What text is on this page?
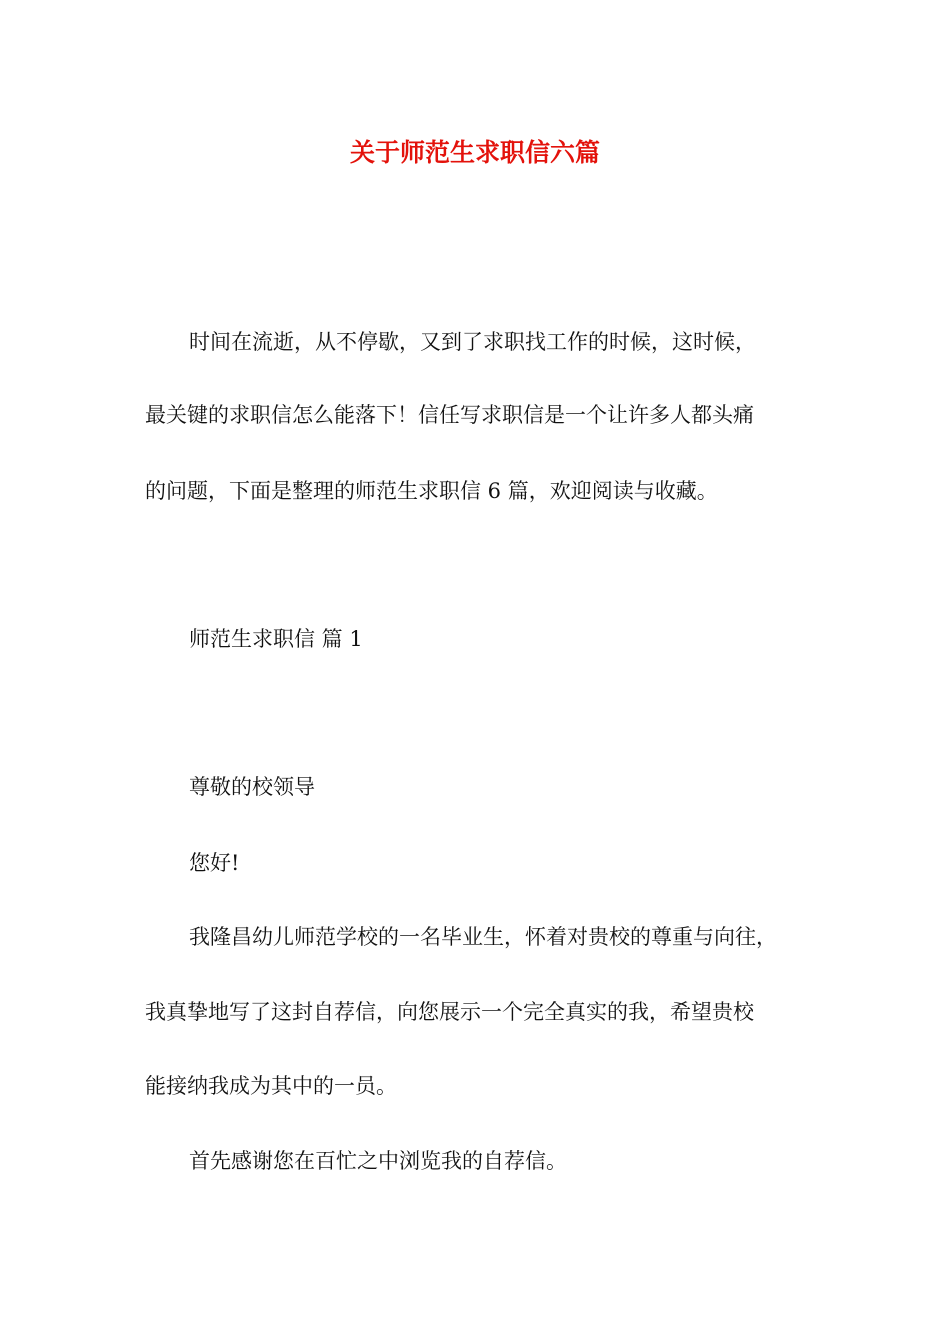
关于师范生求职信六篇
时间在流逝，从不停歇，又到了求职找工作的时候，这时候，
最关键的求职信怎么能落下！信任写求职信是一个让许多人都头痛
的问题，下面是整理的师范生求职信 6 篇，欢迎阅读与收藏。
师范生求职信 篇 1
尊敬的校领导
您好!
我隆昌幼儿师范学校的一名毕业生，怀着对贵校的尊重与向往，
我真挚地写了这封自荐信，向您展示一个完全真实的我，希望贵校
能接纳我成为其中的一员。
首先感谢您在百忙之中浏览我的自荐信。
